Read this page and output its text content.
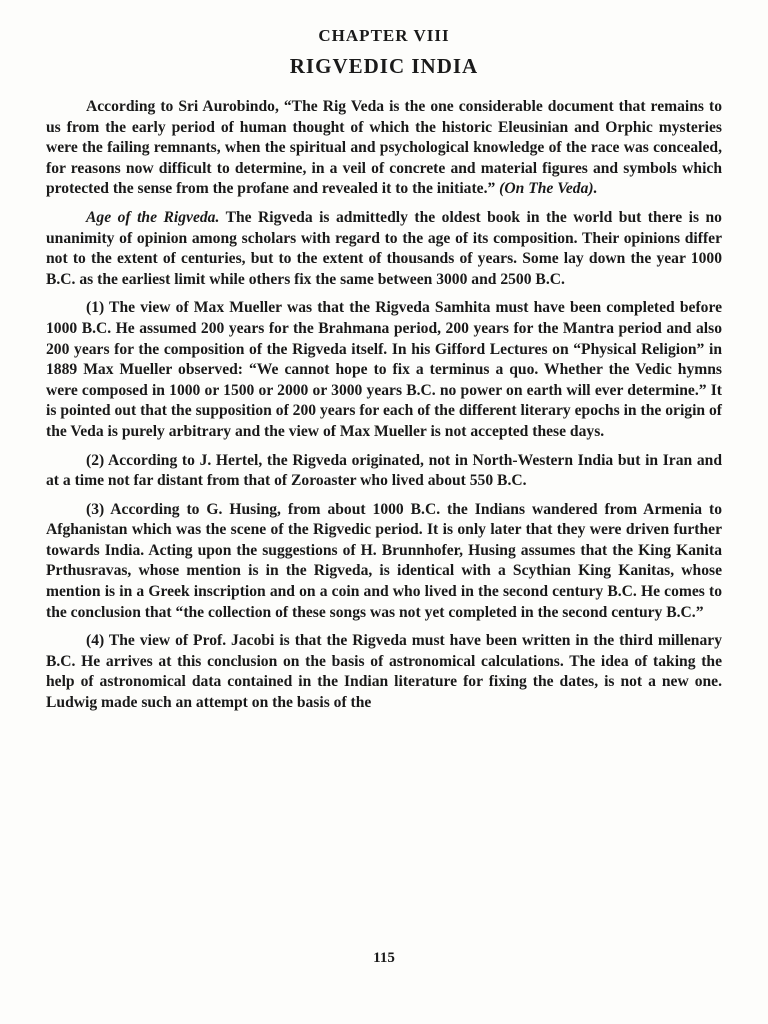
CHAPTER VIII
RIGVEDIC INDIA

According to Sri Aurobindo, “The Rig Veda is the one considerable document that remains to us from the early period of human thought of which the historic Eleusinian and Orphic mysteries were the failing remnants, when the spiritual and psychological knowledge of the race was concealed, for reasons now difficult to determine, in a veil of concrete and material figures and symbols which protected the sense from the profane and revealed it to the initiate.” (On The Veda).

Age of the Rigveda. The Rigveda is admittedly the oldest book in the world but there is no unanimity of opinion among scholars with regard to the age of its composition. Their opinions differ not to the extent of centuries, but to the extent of thousands of years. Some lay down the year 1000 B.C. as the earliest limit while others fix the same between 3000 and 2500 B.C.

(1) The view of Max Mueller was that the Rigveda Samhita must have been completed before 1000 B.C. He assumed 200 years for the Brahmana period, 200 years for the Mantra period and also 200 years for the composition of the Rigveda itself. In his Gifford Lectures on “Physical Religion” in 1889 Max Mueller observed: “We cannot hope to fix a terminus a quo. Whether the Vedic hymns were composed in 1000 or 1500 or 2000 or 3000 years B.C. no power on earth will ever determine.” It is pointed out that the supposition of 200 years for each of the different literary epochs in the origin of the Veda is purely arbitrary and the view of Max Mueller is not accepted these days.

(2) According to J. Hertel, the Rigveda originated, not in North-Western India but in Iran and at a time not far distant from that of Zoroaster who lived about 550 B.C.

(3) According to G. Husing, from about 1000 B.C. the Indians wandered from Armenia to Afghanistan which was the scene of the Rigvedic period. It is only later that they were driven further towards India. Acting upon the suggestions of H. Brunnhofer, Husing assumes that the King Kanita Prthusravas, whose mention is in the Rigveda, is identical with a Scythian King Kanitas, whose mention is in a Greek inscription and on a coin and who lived in the second century B.C. He comes to the conclusion that “the collection of these songs was not yet completed in the second century B.C.”

(4) The view of Prof. Jacobi is that the Rigveda must have been written in the third millenary B.C. He arrives at this conclusion on the basis of astronomical calculations. The idea of taking the help of astronomical data contained in the Indian literature for fixing the dates, is not a new one. Ludwig made such an attempt on the basis of the

115
